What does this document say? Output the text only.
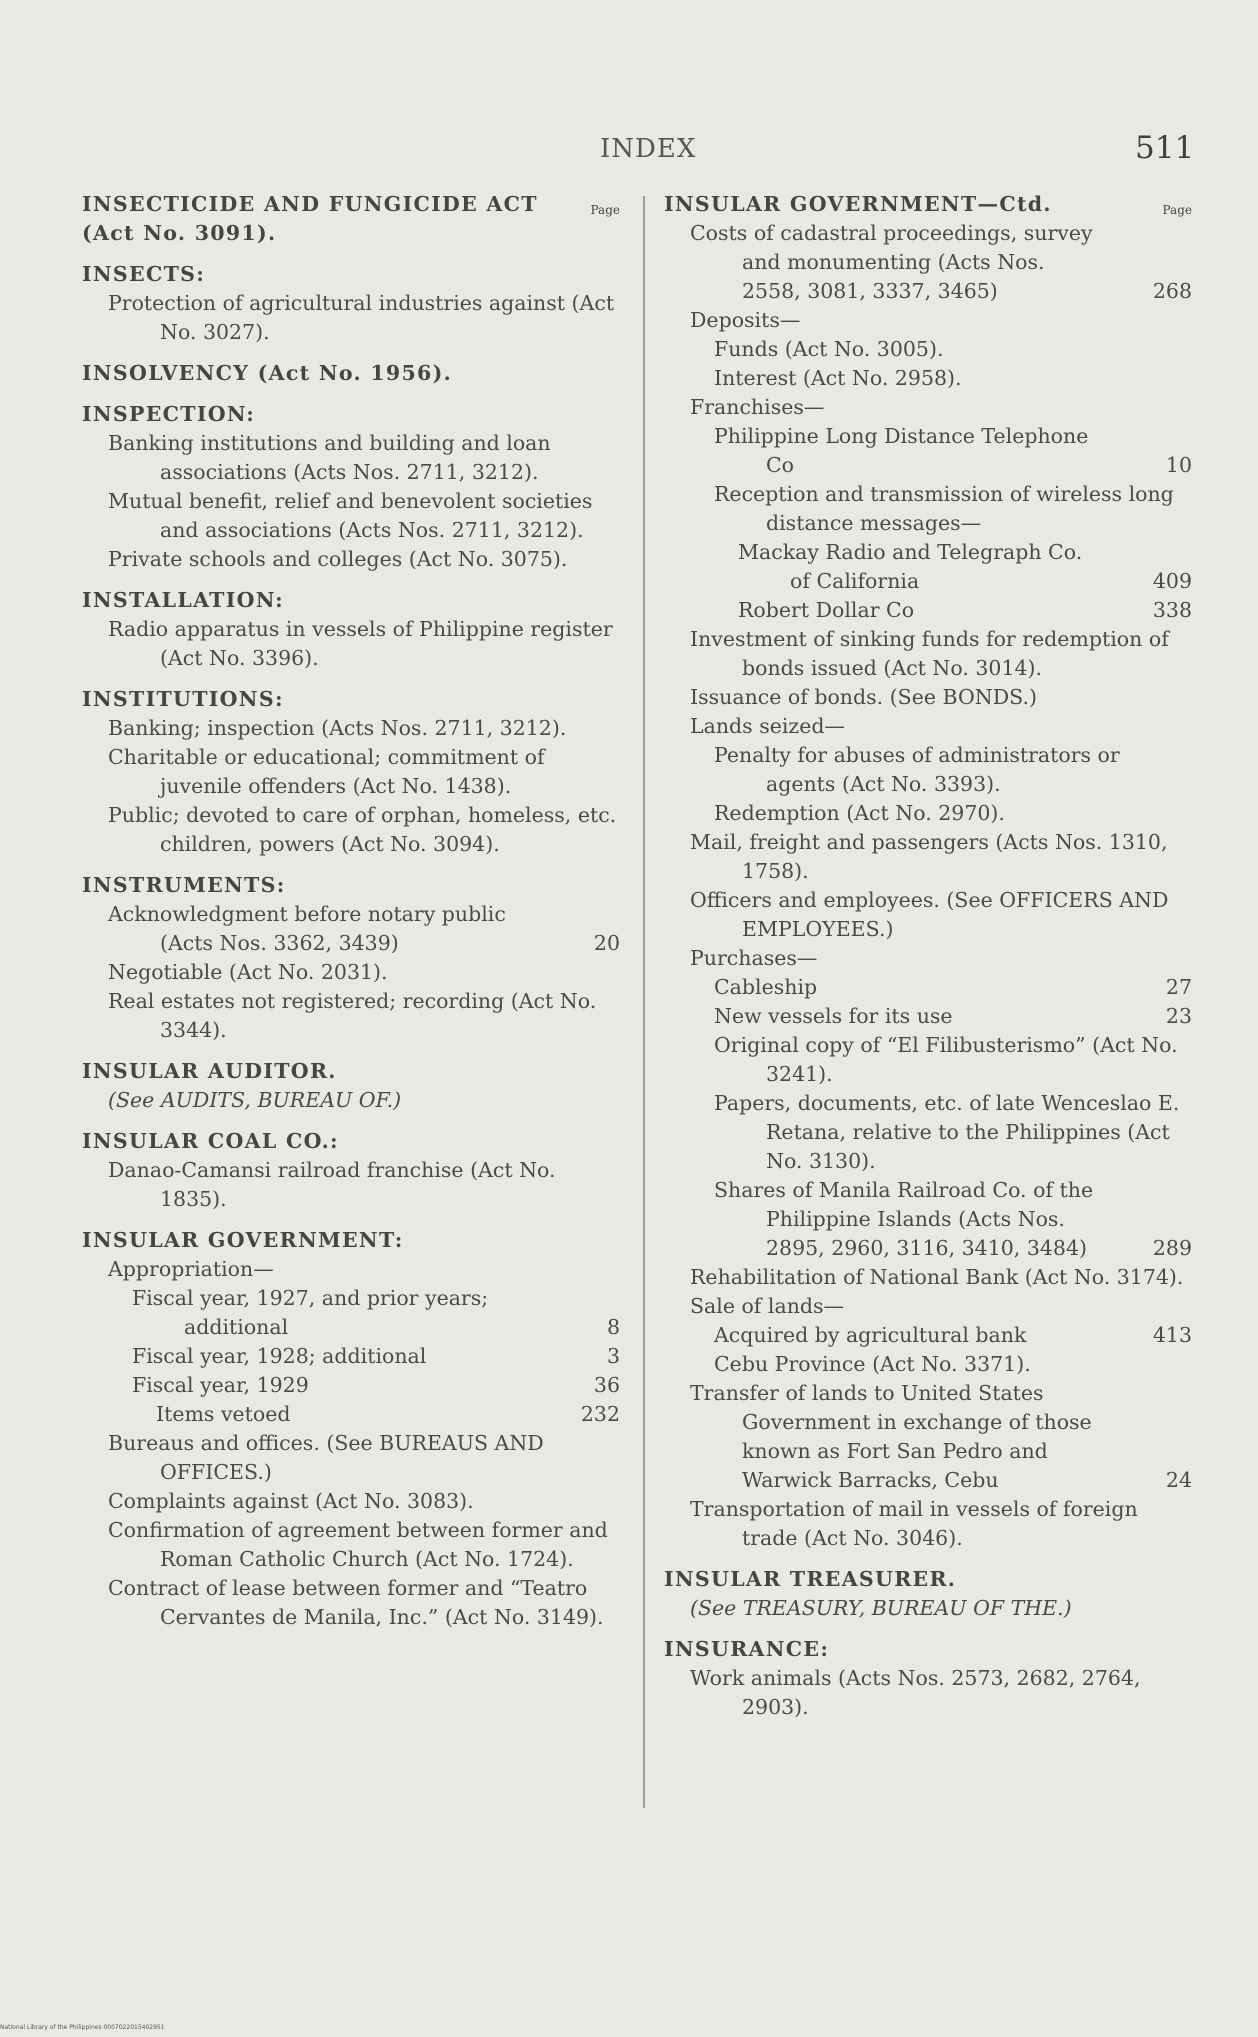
INDEX	511
INSECTICIDE AND FUNGICIDE ACT (Act No. 3091).
Page
INSECTS:
Protection of agricultural industries against (Act No. 3027).
INSOLVENCY (Act No. 1956).
INSPECTION:
Banking institutions and building and loan associations (Acts Nos. 2711, 3212).
Mutual benefit, relief and benevolent societies and associations (Acts Nos. 2711, 3212).
Private schools and colleges (Act No. 3075).
INSTALLATION:
Radio apparatus in vessels of Philippine register (Act No. 3396).
INSTITUTIONS:
Banking; inspection (Acts Nos. 2711, 3212).
Charitable or educational; commitment of juvenile offenders (Act No. 1438).
Public; devoted to care of orphan, homeless, etc. children, powers (Act No. 3094).
INSTRUMENTS:
Acknowledgment before notary public (Acts Nos. 3362, 3439)	20
Negotiable (Act No. 2031).
Real estates not registered; recording (Act No. 3344).
INSULAR AUDITOR.
(See AUDITS, BUREAU OF.)
INSULAR COAL CO.:
Danao-Camansi railroad franchise (Act No. 1835).
INSULAR GOVERNMENT:
Appropriation—
Fiscal year, 1927, and prior years; additional	8
Fiscal year, 1928; additional	3
Fiscal year, 1929	36
Items vetoed	232
Bureaus and offices. (See BUREAUS AND OFFICES.)
Complaints against (Act No. 3083).
Confirmation of agreement between former and Roman Catholic Church (Act No. 1724).
Contract of lease between former and “Teatro Cervantes de Manila, Inc.” (Act No. 3149).
INSULAR GOVERNMENT—Ctd.	Page
Costs of cadastral proceedings, survey and monumenting (Acts Nos. 2558, 3081, 3337, 3465)	268
Deposits—
Funds (Act No. 3005).
Interest (Act No. 2958).
Franchises—
Philippine Long Distance Telephone Co	10
Reception and transmission of wireless long distance messages—
Mackay Radio and Telegraph Co. of California	409
Robert Dollar Co	338
Investment of sinking funds for redemption of bonds issued (Act No. 3014).
Issuance of bonds. (See BONDS.)
Lands seized—
Penalty for abuses of administrators or agents (Act No. 3393).
Redemption (Act No. 2970).
Mail, freight and passengers (Acts Nos. 1310, 1758).
Officers and employees. (See OFFICERS AND EMPLOYEES.)
Purchases—
Cableship	27
New vessels for its use	23
Original copy of “El Filibusterismo” (Act No. 3241).
Papers, documents, etc. of late Wenceslao E. Retana, relative to the Philippines (Act No. 3130).
Shares of Manila Railroad Co. of the Philippine Islands (Acts Nos. 2895, 2960, 3116, 3410, 3484)	289
Rehabilitation of National Bank (Act No. 3174).
Sale of lands—
Acquired by agricultural bank	413
Cebu Province (Act No. 3371).
Transfer of lands to United States Government in exchange of those known as Fort San Pedro and Warwick Barracks, Cebu	24
Transportation of mail in vessels of foreign trade (Act No. 3046).
INSULAR TREASURER.
(See TREASURY, BUREAU OF THE.)
INSURANCE:
Work animals (Acts Nos. 2573, 2682, 2764, 2903).
National Library of the Philippines 0007022015402951
